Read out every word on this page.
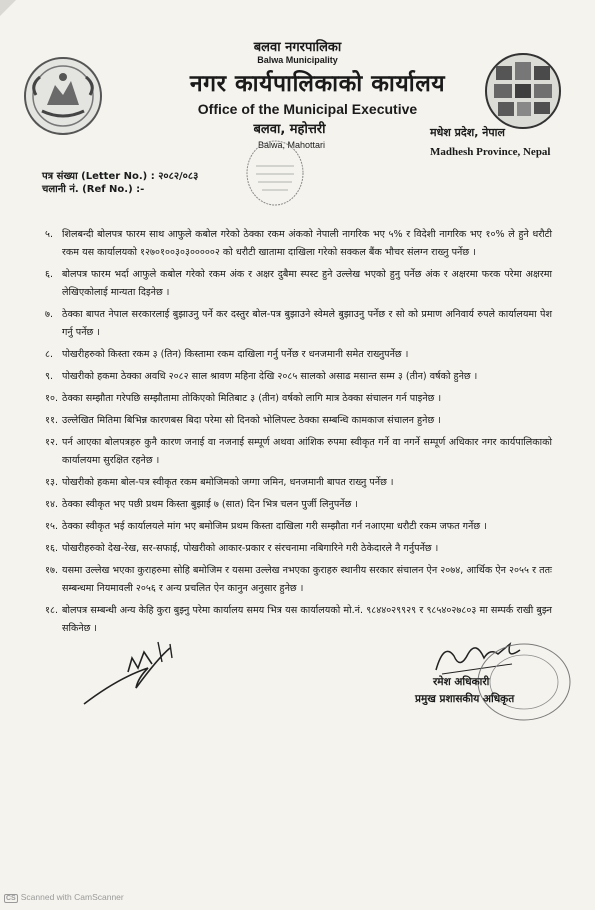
बलवा नगरपालिका
Balwa Municipality
नगर कार्यपालिकाको कार्यालय
Office of the Municipal Executive
बलवा, महोत्तरी
Balwa, Mahottari
मधेश प्रदेश, नेपाल
Madhesh Province, Nepal
पत्र संख्या (Letter No.) : २०८२/०८३
चलानी नं. (Ref No.) :-
५. शिलबन्दी बोलपत्र फारम साथ आफुले कबोल गरेको ठेक्का रकम अंकको नेपाली नागरिक भए ५% र विदेशी नागरिक भए १०% ले हुने धरौटी रकम यस कार्यालयको १२७०१००३०३०००००२ को धरौटी खातामा दाखिला गरेको सक्कल बैंक भौचर संलग्न राख्नु पर्नेछ ।
६. बोलपत्र फारम भर्दा आफुले कबोल गरेको रकम अंक र अक्षर दुबैमा स्पस्ट हुने उल्लेख भएको हुनु पर्नेछ अंक र अक्षरमा फरक परेमा अक्षरमा लेखिएकोलाई मान्यता दिइनेछ ।
७. ठेक्का बापत नेपाल सरकारलाई बुझाउनु पर्ने कर दस्तुर बोल-पत्र बुझाउने स्वेमले बुझाउनु पर्नेछ र सो को प्रमाण अनिवार्य रुपले कार्यालयमा पेश गर्नु पर्नेछ ।
८. पोखरीहरुको किस्ता रकम ३ (तिन) किस्तामा रकम दाखिला गर्नु पर्नेछ र धनजमानी समेत राख्नुपर्नेछ ।
९. पोखरीको हकमा ठेक्का अवधि २०८२ साल श्रावण महिना देखि २०८५ सालको असाढ मसान्त सम्म ३ (तीन) वर्षको हुनेछ ।
१०. ठेक्का सम्झौता गरेपछि सम्झौतामा तोकिएको मितिबाट ३ (तीन) वर्षको लागि मात्र ठेक्का संचालन गर्न पाइनेछ ।
११. उल्लेखित मितिमा बिभिन्न कारणबस बिदा परेमा सो दिनको भोलिपल्ट ठेक्का सम्बन्धि कामकाज संचालन हुनेछ ।
१२. पर्न आएका बोलपत्रहरु कुनै कारण जनाई वा नजनाई सम्पूर्ण अथवा आंशिक रुपमा स्वीकृत गर्ने वा नगर्ने सम्पूर्ण अधिकार नगर कार्यपालिकाको कार्यालयमा सुरक्षित रहनेछ ।
१३. पोखरीको हकमा बोल-पत्र स्वीकृत रकम बमोजिमको जग्गा जमिन, धनजमानी बापत राख्नु पर्नेछ ।
१४. ठेक्का स्वीकृत भए पछी प्रथम किस्ता बुझाई ७ (सात) दिन भित्र चलन पुर्जी लिनुपर्नेछ ।
१५. ठेक्का स्वीकृत भई कार्यालयले मांग भए बमोजिम प्रथम किस्ता दाखिला गरी सम्झौता गर्न नआएमा धरौटी रकम जफत गर्नेछ ।
१६. पोखरीहरुको देख-रेख, सर-सफाई, पोखरीको आकार-प्रकार र संरचनामा नबिगारिने गरी ठेकेदारले नै गर्नुपर्नेछ ।
१७. यसमा उल्लेख भएका कुराहरुमा सोहि बमोजिम र यसमा उल्लेख नभएका कुराहरु स्थानीय सरकार संचालन ऐन २०७४, आर्थिक ऐन २०५५ र ततः सम्बन्धमा नियमावली २०५६ र अन्य प्रचलित ऐन कानुन अनुसार हुनेछ ।
१८. बोलपत्र सम्बन्धी अन्य केहि कुरा बुझ्नु परेमा कार्यालय समय भित्र यस कार्यालयको मो.नं. ९८४४०२९९२९ र ९८५४०२७८०३ मा सम्पर्क राखी बुझ्न सकिनेछ ।
रमेश अधिकारी
प्रमुख प्रशासकीय अधिकृत
CS Scanned with CamScanner
